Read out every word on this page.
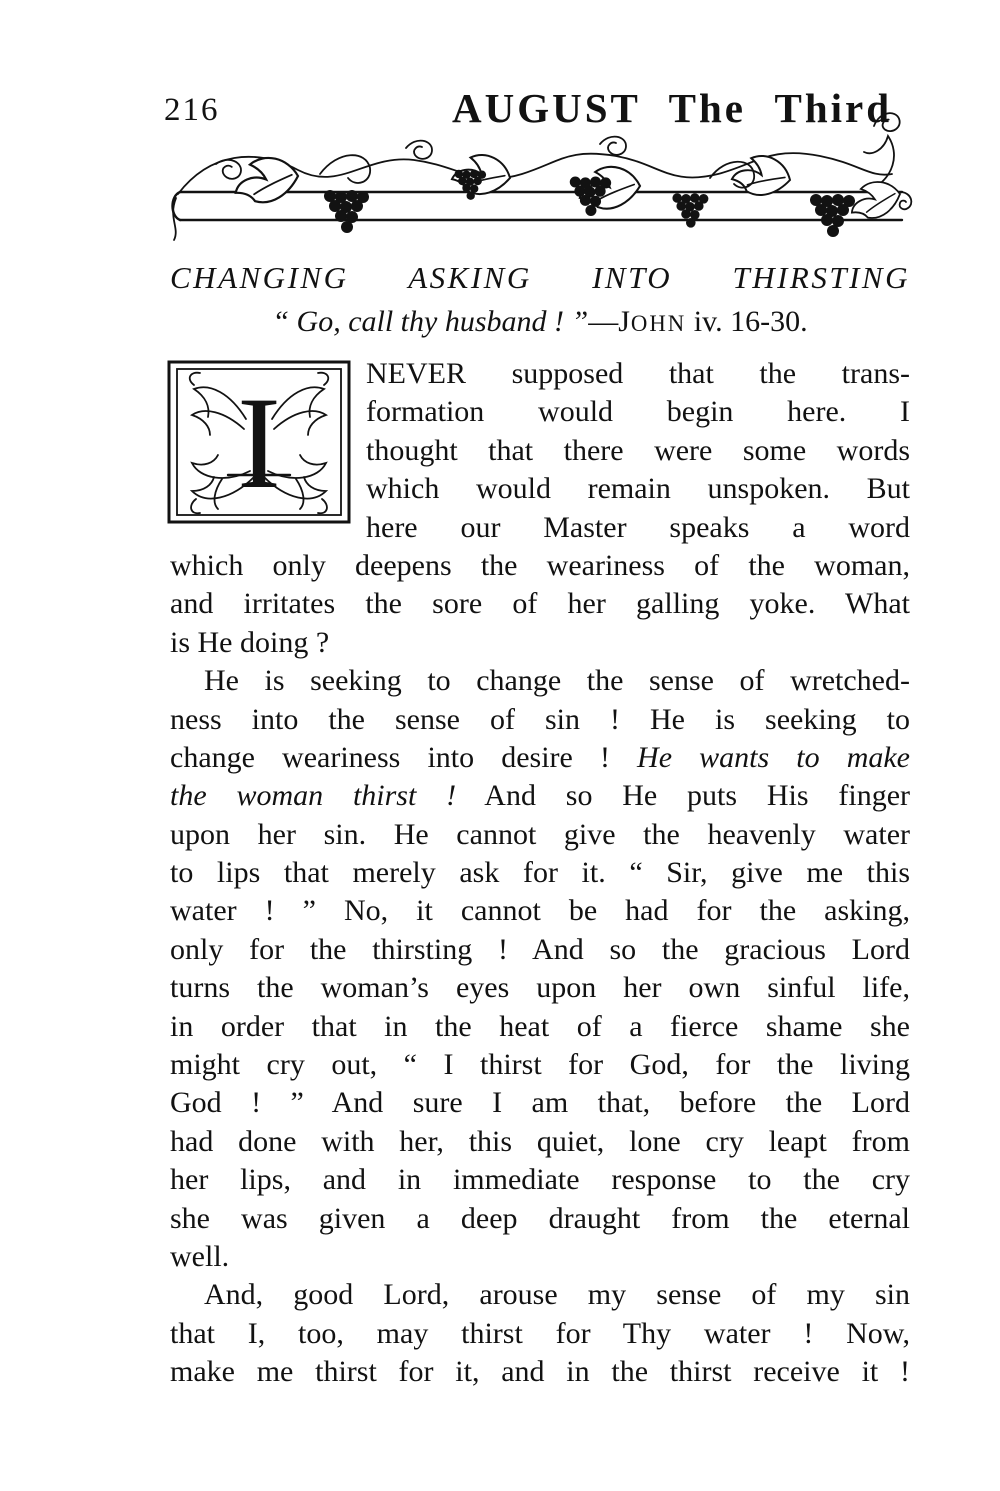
216	AUGUST The Third
CHANGING ASKING INTO THIRSTING
“ Go, call thy husband ! ”—JOHN iv. 16-30.
I	NEVER supposed that the trans-
formation would begin here. I
thought that there were some words
which would remain unspoken. But
here our Master speaks a word
which only deepens the weariness of the woman,
and irritates the sore of her galling yoke. What
is He doing ?
He is seeking to change the sense of wretched-
ness into the sense of sin ! He is seeking to
change weariness into desire ! He wants to make
the woman thirst ! And so He puts His finger
upon her sin. He cannot give the heavenly water
to lips that merely ask for it. “ Sir, give me this
water ! ” No, it cannot be had for the asking,
only for the thirsting ! And so the gracious Lord
turns the woman’s eyes upon her own sinful life,
in order that in the heat of a fierce shame she
might cry out, “ I thirst for God, for the living
God ! ” And sure I am that, before the Lord
had done with her, this quiet, lone cry leapt from
her lips, and in immediate response to the cry
she was given a deep draught from the eternal
well.
And, good Lord, arouse my sense of my sin
that I, too, may thirst for Thy water ! Now,
make me thirst for it, and in the thirst receive it !
